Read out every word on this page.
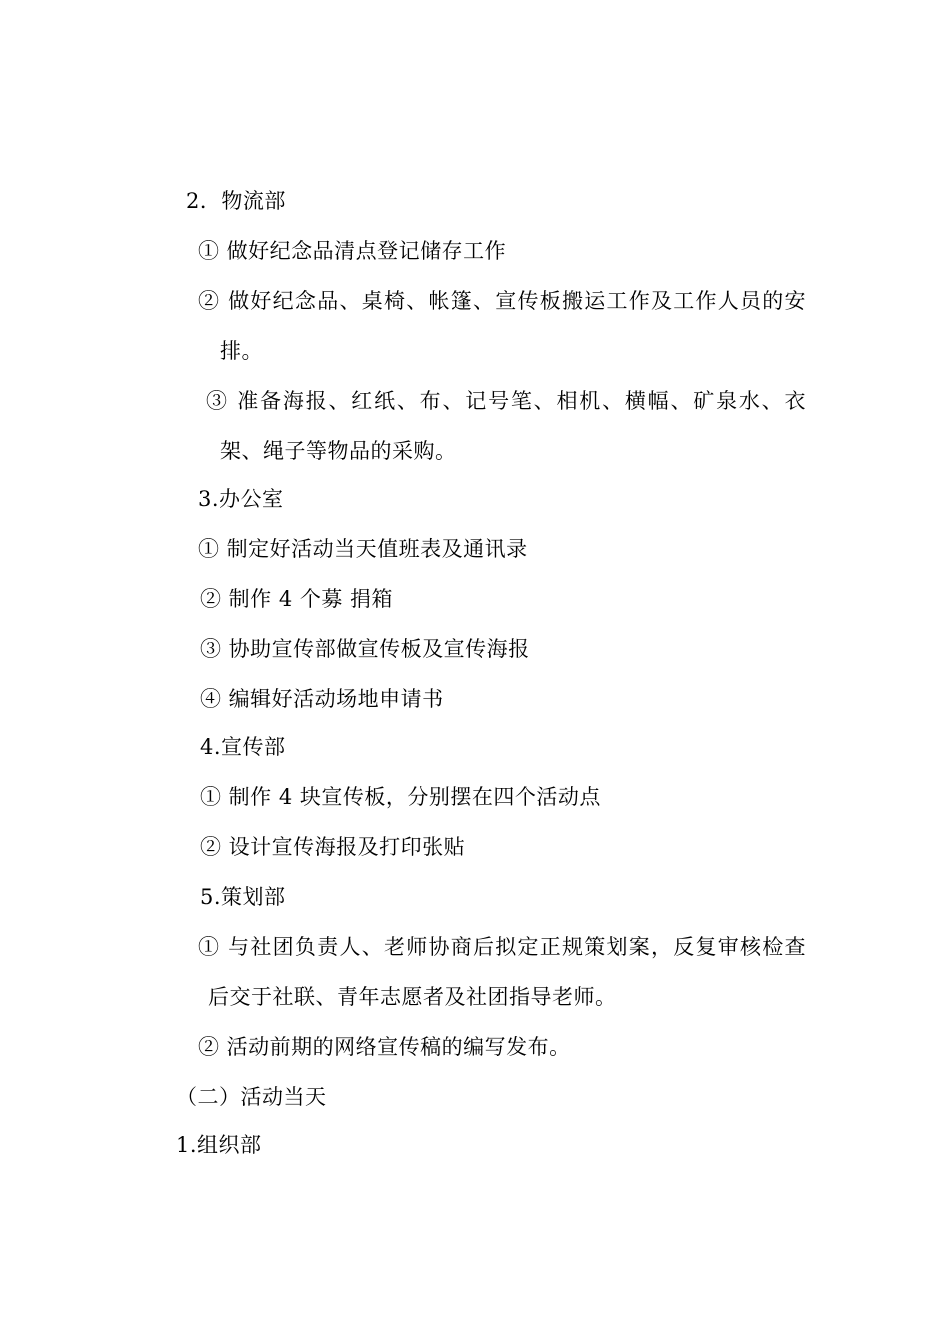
2．物流部
① 做好纪念品清点登记储存工作
② 做好纪念品、桌椅、帐篷、宣传板搬运工作及工作人员的安
排。
③ 准备海报、红纸、布、记号笔、相机、横幅、矿泉水、衣
架、绳子等物品的采购。
3.办公室
① 制定好活动当天值班表及通讯录
② 制作 4 个募 捐箱
③ 协助宣传部做宣传板及宣传海报
④ 编辑好活动场地申请书
4.宣传部
① 制作 4 块宣传板，分别摆在四个活动点
② 设计宣传海报及打印张贴
5.策划部
① 与社团负责人、老师协商后拟定正规策划案，反复审核检查
后交于社联、青年志愿者及社团指导老师。
② 活动前期的网络宣传稿的编写发布。
（二）活动当天
1.组织部
